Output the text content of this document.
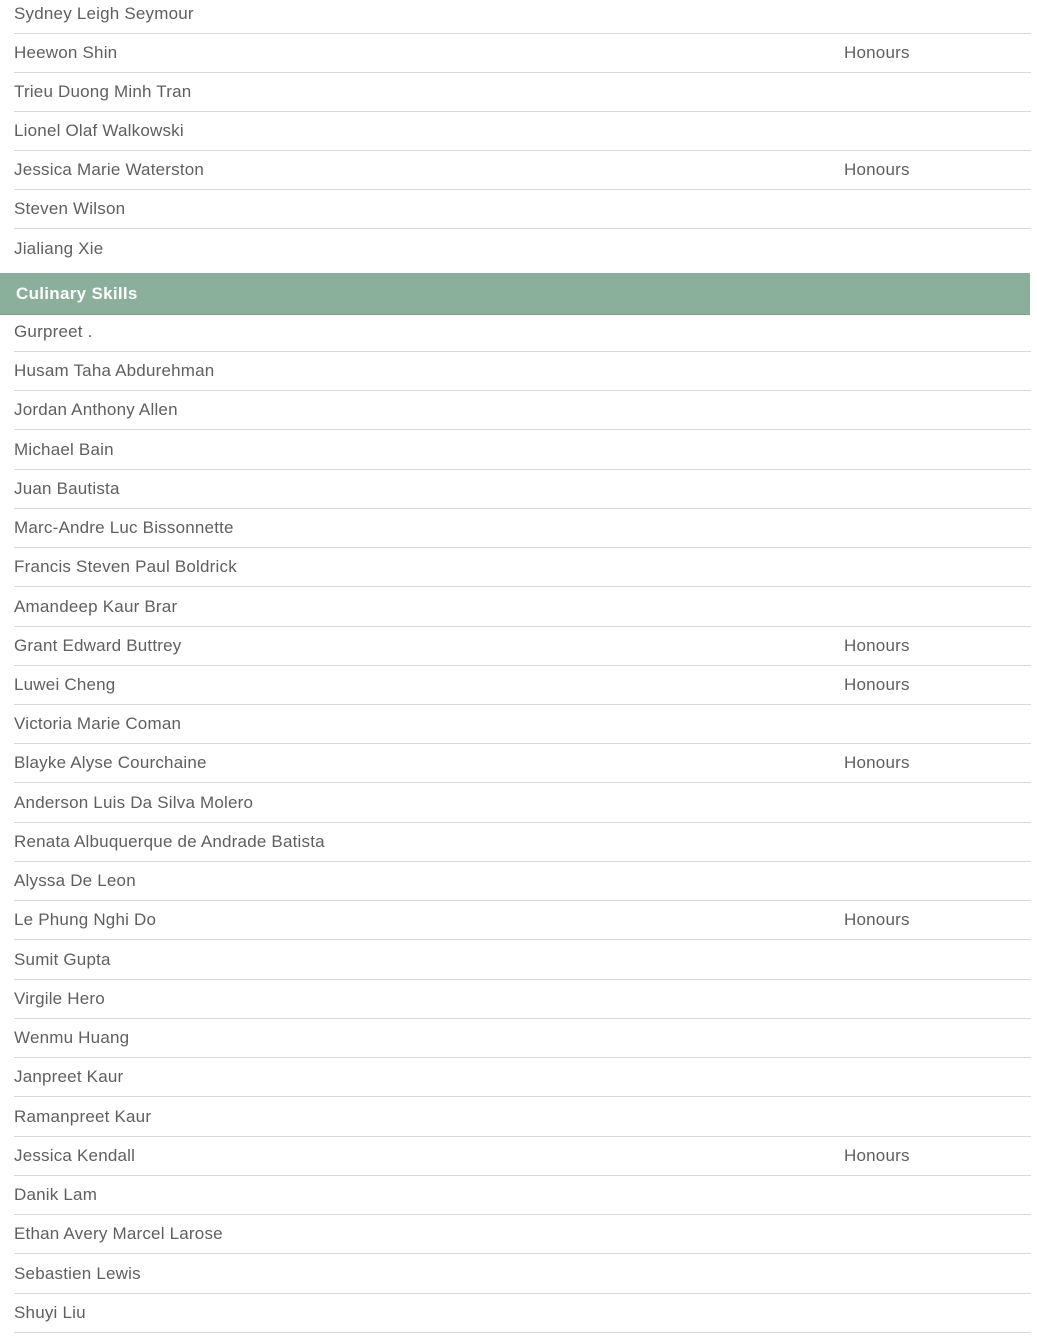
Sydney Leigh Seymour
Heewon Shin	Honours
Trieu Duong Minh Tran
Lionel Olaf Walkowski
Jessica Marie Waterston	Honours
Steven Wilson
Jialiang Xie
Culinary Skills
Gurpreet .
Husam Taha Abdurehman
Jordan Anthony Allen
Michael Bain
Juan Bautista
Marc-Andre Luc Bissonnette
Francis Steven Paul Boldrick
Amandeep Kaur Brar
Grant Edward Buttrey	Honours
Luwei Cheng	Honours
Victoria Marie Coman
Blayke Alyse Courchaine	Honours
Anderson Luis Da Silva Molero
Renata Albuquerque de Andrade Batista
Alyssa De Leon
Le Phung Nghi Do	Honours
Sumit Gupta
Virgile Hero
Wenmu Huang
Janpreet Kaur
Ramanpreet Kaur
Jessica Kendall	Honours
Danik Lam
Ethan Avery Marcel Larose
Sebastien Lewis
Shuyi Liu
